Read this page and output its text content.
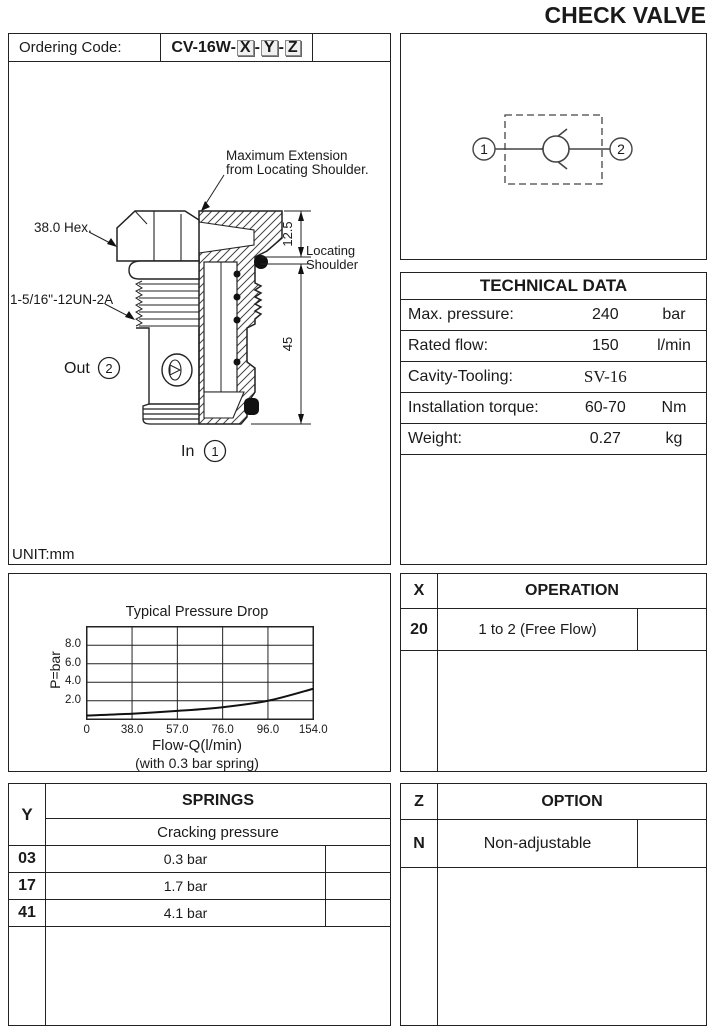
CHECK VALVE
Ordering Code:	CV-16W- X - Y - Z
12.5
45
Locating
Shoulder
Maximum Extension
from Locating Shoulder.
38.0 Hex.
1-5/16"-12UN-2A
Out 2
In 1
UNIT:mm
1	2
TECHNICAL DATA
Max. pressure:	240	bar
Rated flow:	150	l/min
Cavity-Tooling:	SV-16
Installation torque:	60-70	Nm
Weight:	0.27	kg
Typical Pressure Drop
P=bar
Flow-Q(l/min)
(with 0.3 bar spring)
2.0
4.0
6.0
8.0
0	38.0	57.0	76.0	96.0	154.0
X	OPERATION
20	1 to 2 (Free Flow)
Y
SPRINGS
Cracking pressure
03	0.3 bar
17	1.7 bar
41	4.1 bar
Z	OPTION
N	Non-adjustable
